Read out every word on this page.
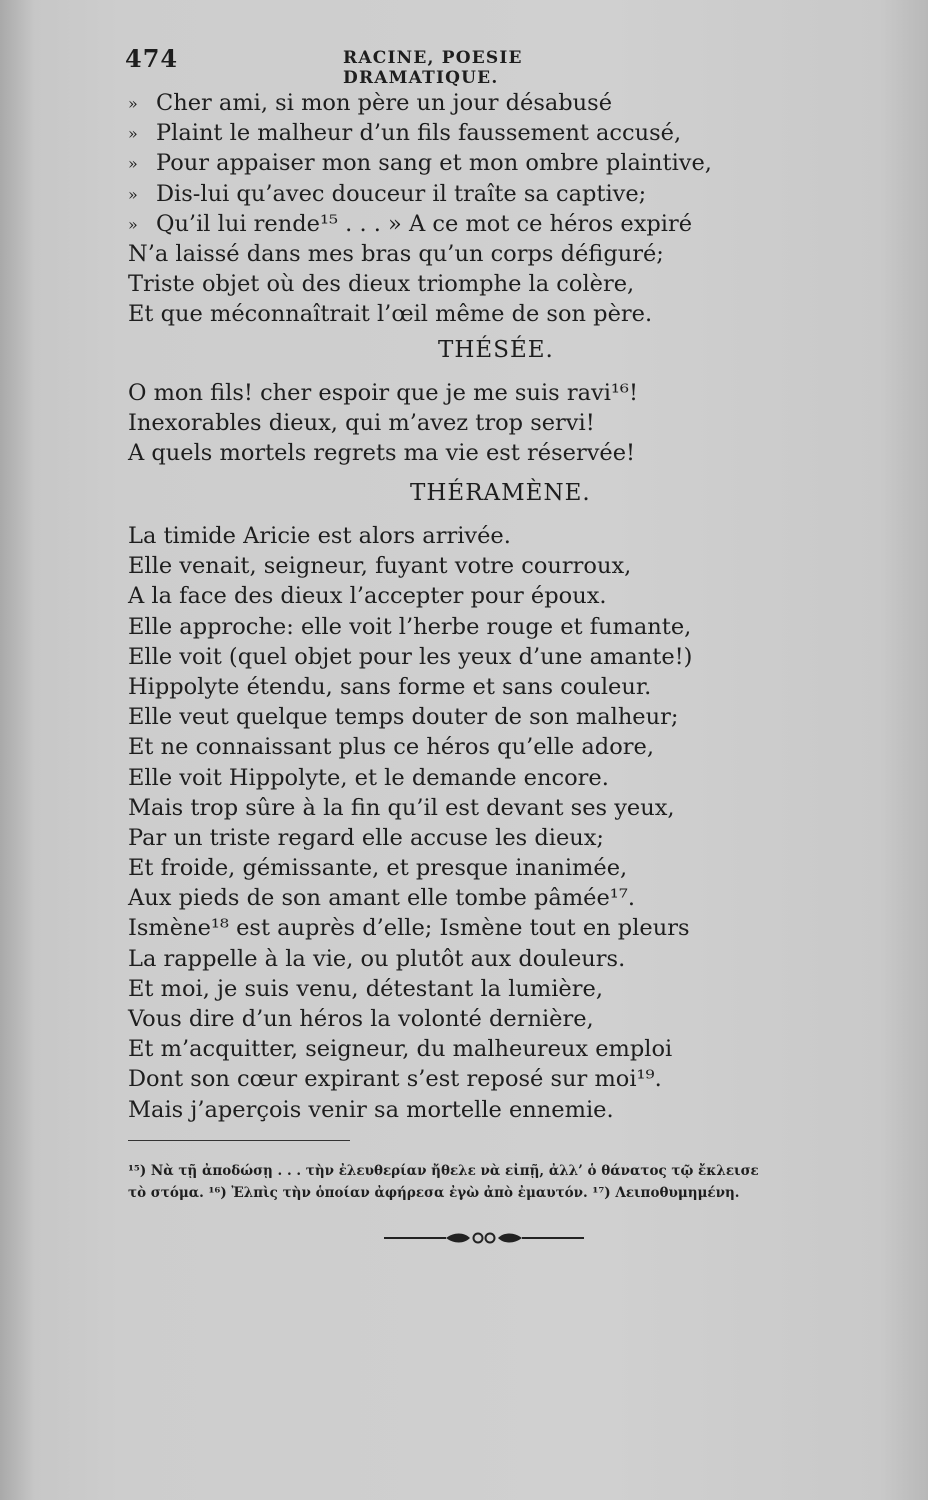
474	RACINE, POESIE DRAMATIQUE.
» Cher ami, si mon père un jour désabusé
» Plaint le malheur d’un fils faussement accusé,
» Pour appaiser mon sang et mon ombre plaintive,
» Dis-lui qu’avec douceur il traîte sa captive;
» Qu’il lui rende¹⁵ . . . » A ce mot ce héros expiré
N’a laissé dans mes bras qu’un corps défiguré;
Triste objet où des dieux triomphe la colère,
Et que méconnaîtrait l’œil même de son père.
THÉSÉE.
O mon fils! cher espoir que je me suis ravi¹⁶!
Inexorables dieux, qui m’avez trop servi!
A quels mortels regrets ma vie est réservée!
THÉRAMÈNE.
La timide Aricie est alors arrivée.
Elle venait, seigneur, fuyant votre courroux,
A la face des dieux l’accepter pour époux.
Elle approche: elle voit l’herbe rouge et fumante,
Elle voit (quel objet pour les yeux d’une amante!)
Hippolyte étendu, sans forme et sans couleur.
Elle veut quelque temps douter de son malheur;
Et ne connaissant plus ce héros qu’elle adore,
Elle voit Hippolyte, et le demande encore.
Mais trop sûre à la fin qu’il est devant ses yeux,
Par un triste regard elle accuse les dieux;
Et froide, gémissante, et presque inanimée,
Aux pieds de son amant elle tombe pâmée¹⁷.
Ismène¹⁸ est auprès d’elle; Ismène tout en pleurs
La rappelle à la vie, ou plutôt aux douleurs.
Et moi, je suis venu, détestant la lumière,
Vous dire d’un héros la volonté dernière,
Et m’acquitter, seigneur, du malheureux emploi
Dont son cœur expirant s’est reposé sur moi¹⁹.
Mais j’aperçois venir sa mortelle ennemie.
¹⁵) Νὰ τῇ ἀποδώσῃ . . . τὴν ἐλευθερίαν ἤθελε νὰ εἰπῇ, ἀλλ’ ὁ θάνατος τῷ ἔκλεισε
τὸ στόμα. ¹⁶) Ἐλπὶς τὴν ὁποίαν ἀφήρεσα ἐγὼ ἀπὸ ἐμαυτόν. ¹⁷) Λειποθυμημένη.
